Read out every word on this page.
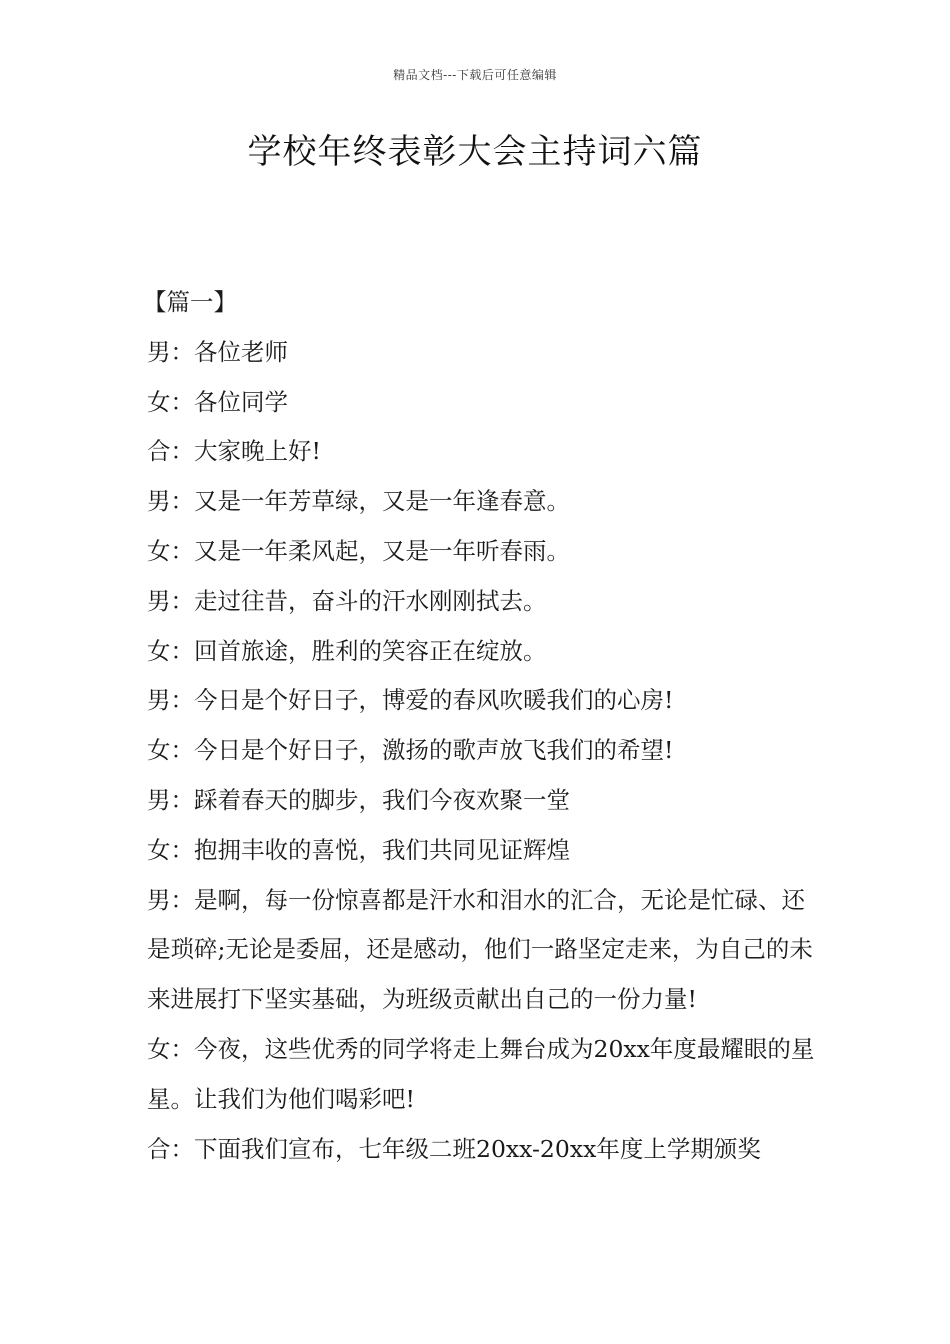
精品文档---下载后可任意编辑
学校年终表彰大会主持词六篇

【篇一】

男：各位老师

女：各位同学

合：大家晚上好!

男：又是一年芳草绿，又是一年逢春意。

女：又是一年柔风起，又是一年听春雨。

男：走过往昔，奋斗的汗水刚刚拭去。

女：回首旅途，胜利的笑容正在绽放。

男：今日是个好日子，博爱的春风吹暖我们的心房!

女：今日是个好日子，激扬的歌声放飞我们的希望!

男：踩着春天的脚步，我们今夜欢聚一堂

女：抱拥丰收的喜悦，我们共同见证辉煌

男：是啊，每一份惊喜都是汗水和泪水的汇合，无论是忙碌、还是琐碎;无论是委屈，还是感动，他们一路坚定走来，为自己的未来进展打下坚实基础，为班级贡献出自己的一份力量!

女：今夜，这些优秀的同学将走上舞台成为20xx年度最耀眼的星星。让我们为他们喝彩吧!

合：下面我们宣布，七年级二班20xx-20xx年度上学期颁奖
